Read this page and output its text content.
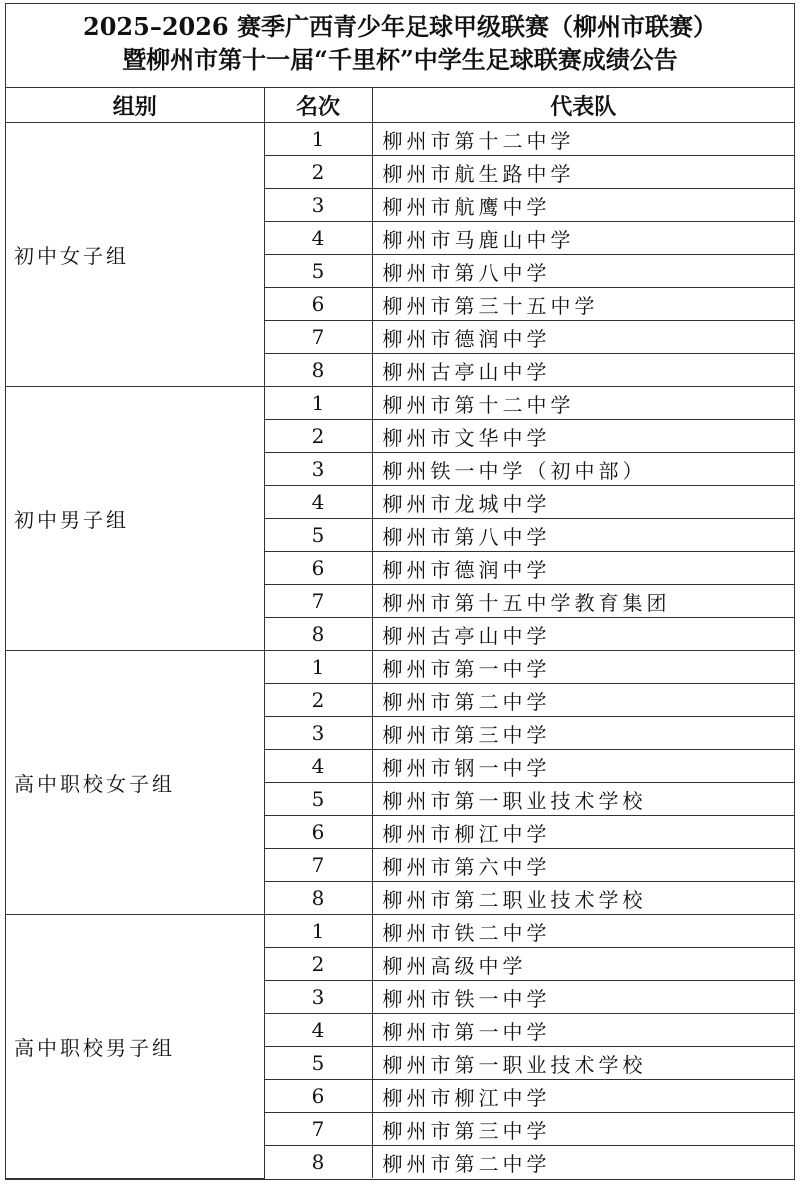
2025–2026 赛季广西青少年足球甲级联赛（柳州市联赛）
暨柳州市第十一届“千里杯”中学生足球联赛成绩公告
组别	名次	代表队
初中女子组	1	柳州市第十二中学
	2	柳州市航生路中学
	3	柳州市航鹰中学
	4	柳州市马鹿山中学
	5	柳州市第八中学
	6	柳州市第三十五中学
	7	柳州市德润中学
	8	柳州古亭山中学
初中男子组	1	柳州市第十二中学
	2	柳州市文华中学
	3	柳州铁一中学（初中部）
	4	柳州市龙城中学
	5	柳州市第八中学
	6	柳州市德润中学
	7	柳州市第十五中学教育集团
	8	柳州古亭山中学
高中职校女子组	1	柳州市第一中学
	2	柳州市第二中学
	3	柳州市第三中学
	4	柳州市钢一中学
	5	柳州市第一职业技术学校
	6	柳州市柳江中学
	7	柳州市第六中学
	8	柳州市第二职业技术学校
高中职校男子组	1	柳州市铁二中学
	2	柳州高级中学
	3	柳州市铁一中学
	4	柳州市第一中学
	5	柳州市第一职业技术学校
	6	柳州市柳江中学
	7	柳州市第三中学
	8	柳州市第二中学
